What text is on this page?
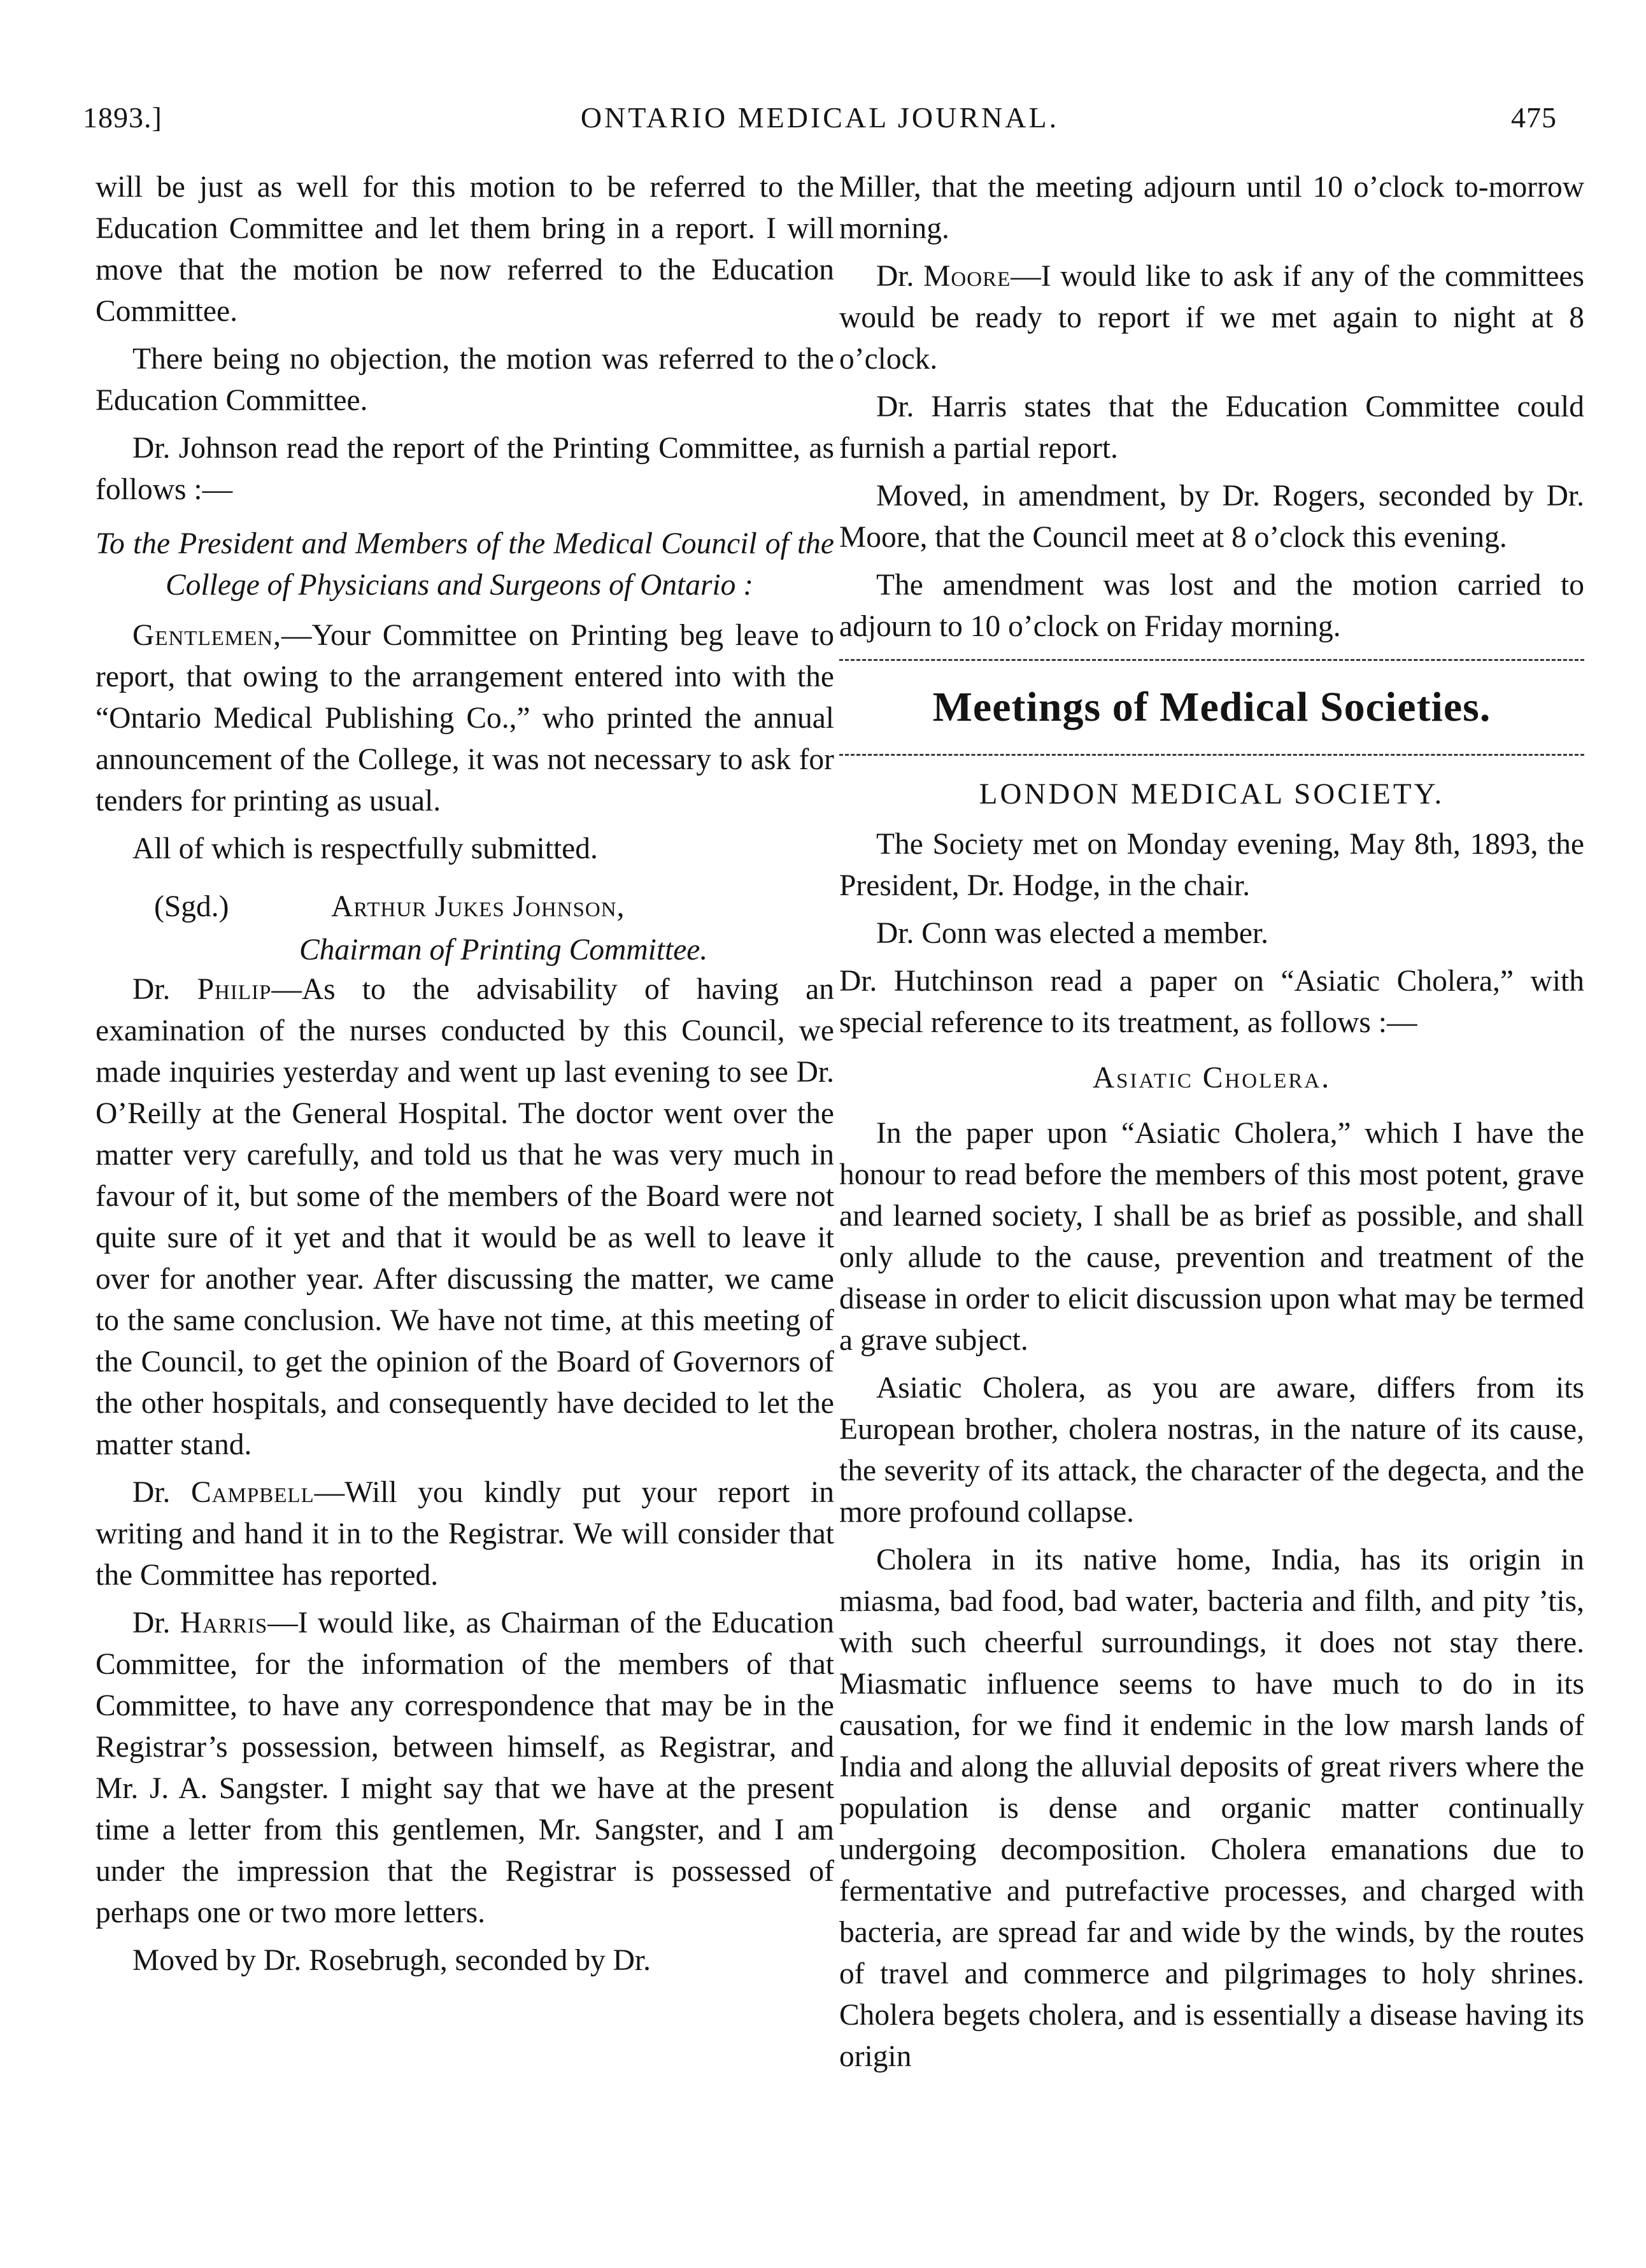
1893.]	ONTARIO MEDICAL JOURNAL.	475

will be just as well for this motion to be referred to the Education Committee and let them bring in a report. I will move that the motion be now referred to the Education Committee.

There being no objection, the motion was referred to the Education Committee.

Dr. Johnson read the report of the Printing Committee, as follows :—

To the President and Members of the Medical Council of the College of Physicians and Surgeons of Ontario :

Gentlemen,—Your Committee on Printing beg leave to report, that owing to the arrangement entered into with the “Ontario Medical Publishing Co.,” who printed the annual announcement of the College, it was not necessary to ask for tenders for printing as usual.

All of which is respectfully submitted.

(Sgd.)	Arthur Jukes Johnson,
Chairman of Printing Committee.

Dr. Philip—As to the advisability of having an examination of the nurses conducted by this Council, we made inquiries yesterday and went up last evening to see Dr. O’Reilly at the General Hospital. The doctor went over the matter very carefully, and told us that he was very much in favour of it, but some of the members of the Board were not quite sure of it yet and that it would be as well to leave it over for another year. After discussing the matter, we came to the same conclusion. We have not time, at this meeting of the Council, to get the opinion of the Board of Governors of the other hospitals, and consequently have decided to let the matter stand.

Dr. Campbell—Will you kindly put your report in writing and hand it in to the Registrar. We will consider that the Committee has reported.

Dr. Harris—I would like, as Chairman of the Education Committee, for the information of the members of that Committee, to have any correspondence that may be in the Registrar’s possession, between himself, as Registrar, and Mr. J. A. Sangster. I might say that we have at the present time a letter from this gentlemen, Mr. Sangster, and I am under the impression that the Registrar is possessed of perhaps one or two more letters.

Moved by Dr. Rosebrugh, seconded by Dr.

Miller, that the meeting adjourn until 10 o’clock to-morrow morning.

Dr. Moore—I would like to ask if any of the committees would be ready to report if we met again to night at 8 o’clock.

Dr. Harris states that the Education Committee could furnish a partial report.

Moved, in amendment, by Dr. Rogers, seconded by Dr. Moore, that the Council meet at 8 o’clock this evening.

The amendment was lost and the motion carried to adjourn to 10 o’clock on Friday morning.

Meetings of Medical Societies.
LONDON MEDICAL SOCIETY.

The Society met on Monday evening, May 8th, 1893, the President, Dr. Hodge, in the chair.

Dr. Conn was elected a member.

Dr. Hutchinson read a paper on “Asiatic Cholera,” with special reference to its treatment, as follows :—

Asiatic Cholera.

In the paper upon “Asiatic Cholera,” which I have the honour to read before the members of this most potent, grave and learned society, I shall be as brief as possible, and shall only allude to the cause, prevention and treatment of the disease in order to elicit discussion upon what may be termed a grave subject.

Asiatic Cholera, as you are aware, differs from its European brother, cholera nostras, in the nature of its cause, the severity of its attack, the character of the degecta, and the more profound collapse.

Cholera in its native home, India, has its origin in miasma, bad food, bad water, bacteria and filth, and pity ’tis, with such cheerful surroundings, it does not stay there. Miasmatic influence seems to have much to do in its causation, for we find it endemic in the low marsh lands of India and along the alluvial deposits of great rivers where the population is dense and organic matter continually undergoing decomposition. Cholera emanations due to fermentative and putrefactive processes, and charged with bacteria, are spread far and wide by the winds, by the routes of travel and commerce and pilgrimages to holy shrines. Cholera begets cholera, and is essentially a disease having its origin
